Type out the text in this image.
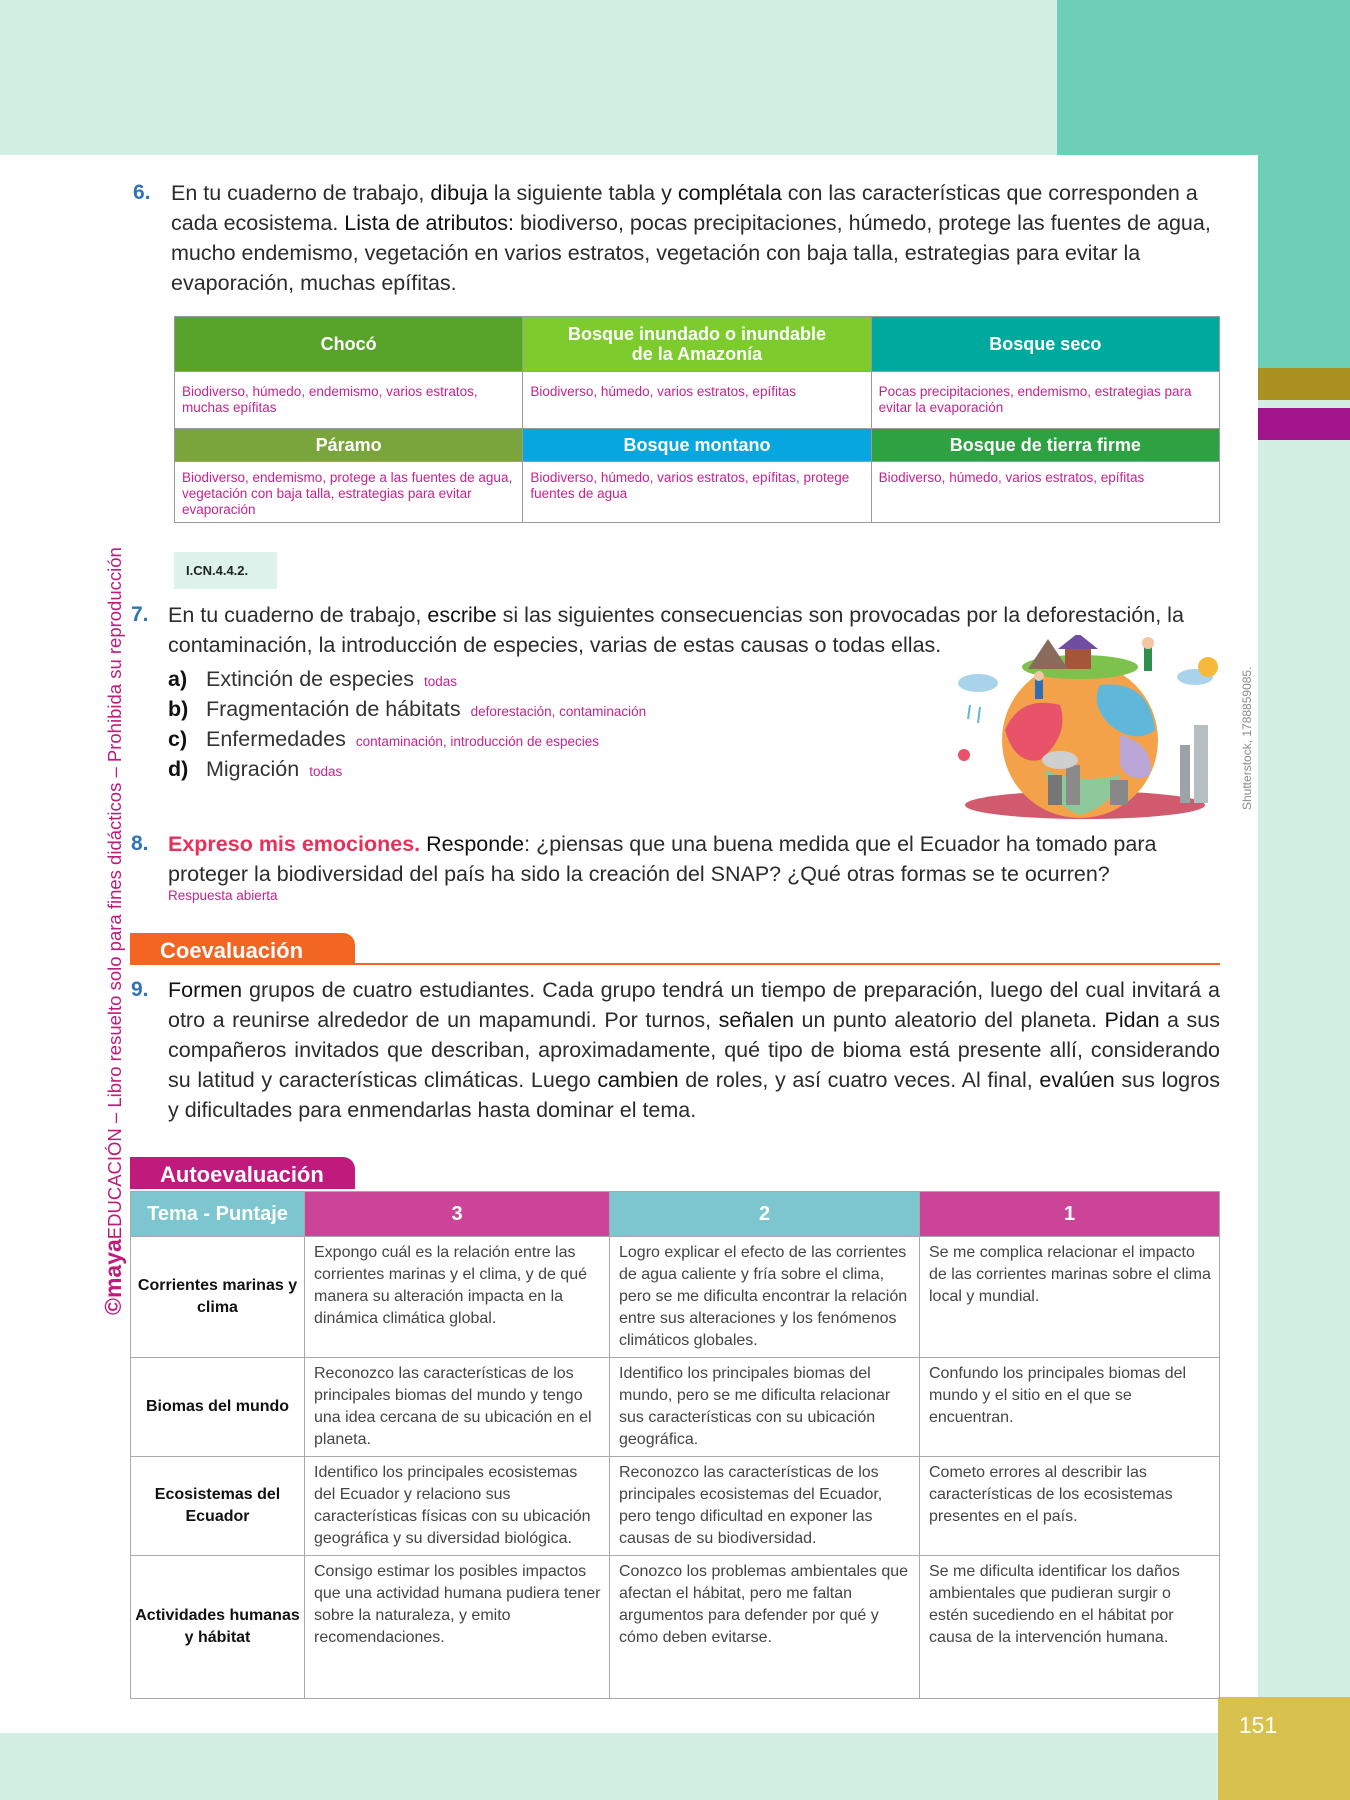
151
©mayaEDUCACIÓN – Libro resuelto solo para fines didácticos – Prohibida su reproducción
6. En tu cuaderno de trabajo, dibuja la siguiente tabla y complétala con las características que corresponden a cada ecosistema. Lista de atributos: biodiverso, pocas precipitaciones, húmedo, protege las fuentes de agua, mucho endemismo, vegetación en varios estratos, vegetación con baja talla, estrategias para evitar la evaporación, muchas epífitas.
Chocó	Bosque inundado o inundable de la Amazonía	Bosque seco
Biodiverso, húmedo, endemismo, varios estratos, muchas epífitas	Biodiverso, húmedo, varios estratos, epífitas	Pocas precipitaciones, endemismo, estrategias para evitar la evaporación
Páramo	Bosque montano	Bosque de tierra firme
Biodiverso, endemismo, protege a las fuentes de agua, vegetación con baja talla, estrategias para evitar evaporación	Biodiverso, húmedo, varios estratos, epífitas, protege fuentes de agua	Biodiverso, húmedo, varios estratos, epífitas
I.CN.4.4.2.
7. En tu cuaderno de trabajo, escribe si las siguientes consecuencias son provocadas por la deforestación, la contaminación, la introducción de especies, varias de estas causas o todas ellas.
a) Extinción de especies todas
b) Fragmentación de hábitats deforestación, contaminación
c) Enfermedades contaminación, introducción de especies
d) Migración todas	Shutterstock, 1788859085.
8. Expreso mis emociones. Responde: ¿piensas que una buena medida que el Ecuador ha tomado para proteger la biodiversidad del país ha sido la creación del SNAP? ¿Qué otras formas se te ocurren?
Respuesta abierta
Coevaluación
9. Formen grupos de cuatro estudiantes. Cada grupo tendrá un tiempo de preparación, luego del cual invitará a otro a reunirse alrededor de un mapamundi. Por turnos, señalen un punto aleatorio del planeta. Pidan a sus compañeros invitados que describan, aproximadamente, qué tipo de bioma está presente allí, considerando su latitud y características climáticas. Luego cambien de roles, y así cuatro veces. Al final, evalúen sus logros y dificultades para enmendarlas hasta dominar el tema.
Autoevaluación
Tema - Puntaje	3	2	1
Corrientes marinas y clima	Expongo cuál es la relación entre las corrientes marinas y el clima, y de qué manera su alteración impacta en la dinámica climática global.	Logro explicar el efecto de las corrientes de agua caliente y fría sobre el clima, pero se me dificulta encontrar la relación entre sus alteraciones y los fenómenos climáticos globales.	Se me complica relacionar el impacto de las corrientes marinas sobre el clima local y mundial.
Biomas del mundo	Reconozco las características de los principales biomas del mundo y tengo una idea cercana de su ubicación en el planeta.	Identifico los principales biomas del mundo, pero se me dificulta relacionar sus características con su ubicación geográfica.	Confundo los principales biomas del mundo y el sitio en el que se encuentran.
Ecosistemas del Ecuador	Identifico los principales ecosistemas del Ecuador y relaciono sus características físicas con su ubicación geográfica y su diversidad biológica.	Reconozco las características de los principales ecosistemas del Ecuador, pero tengo dificultad en exponer las causas de su biodiversidad.	Cometo errores al describir las características de los ecosistemas presentes en el país.
Actividades humanas y hábitat	Consigo estimar los posibles impactos que una actividad humana pudiera tener sobre la naturaleza, y emito recomendaciones.	Conozco los problemas ambientales que afectan el hábitat, pero me faltan argumentos para defender por qué y cómo deben evitarse.	Se me dificulta identificar los daños ambientales que pudieran surgir o estén sucediendo en el hábitat por causa de la intervención humana.
